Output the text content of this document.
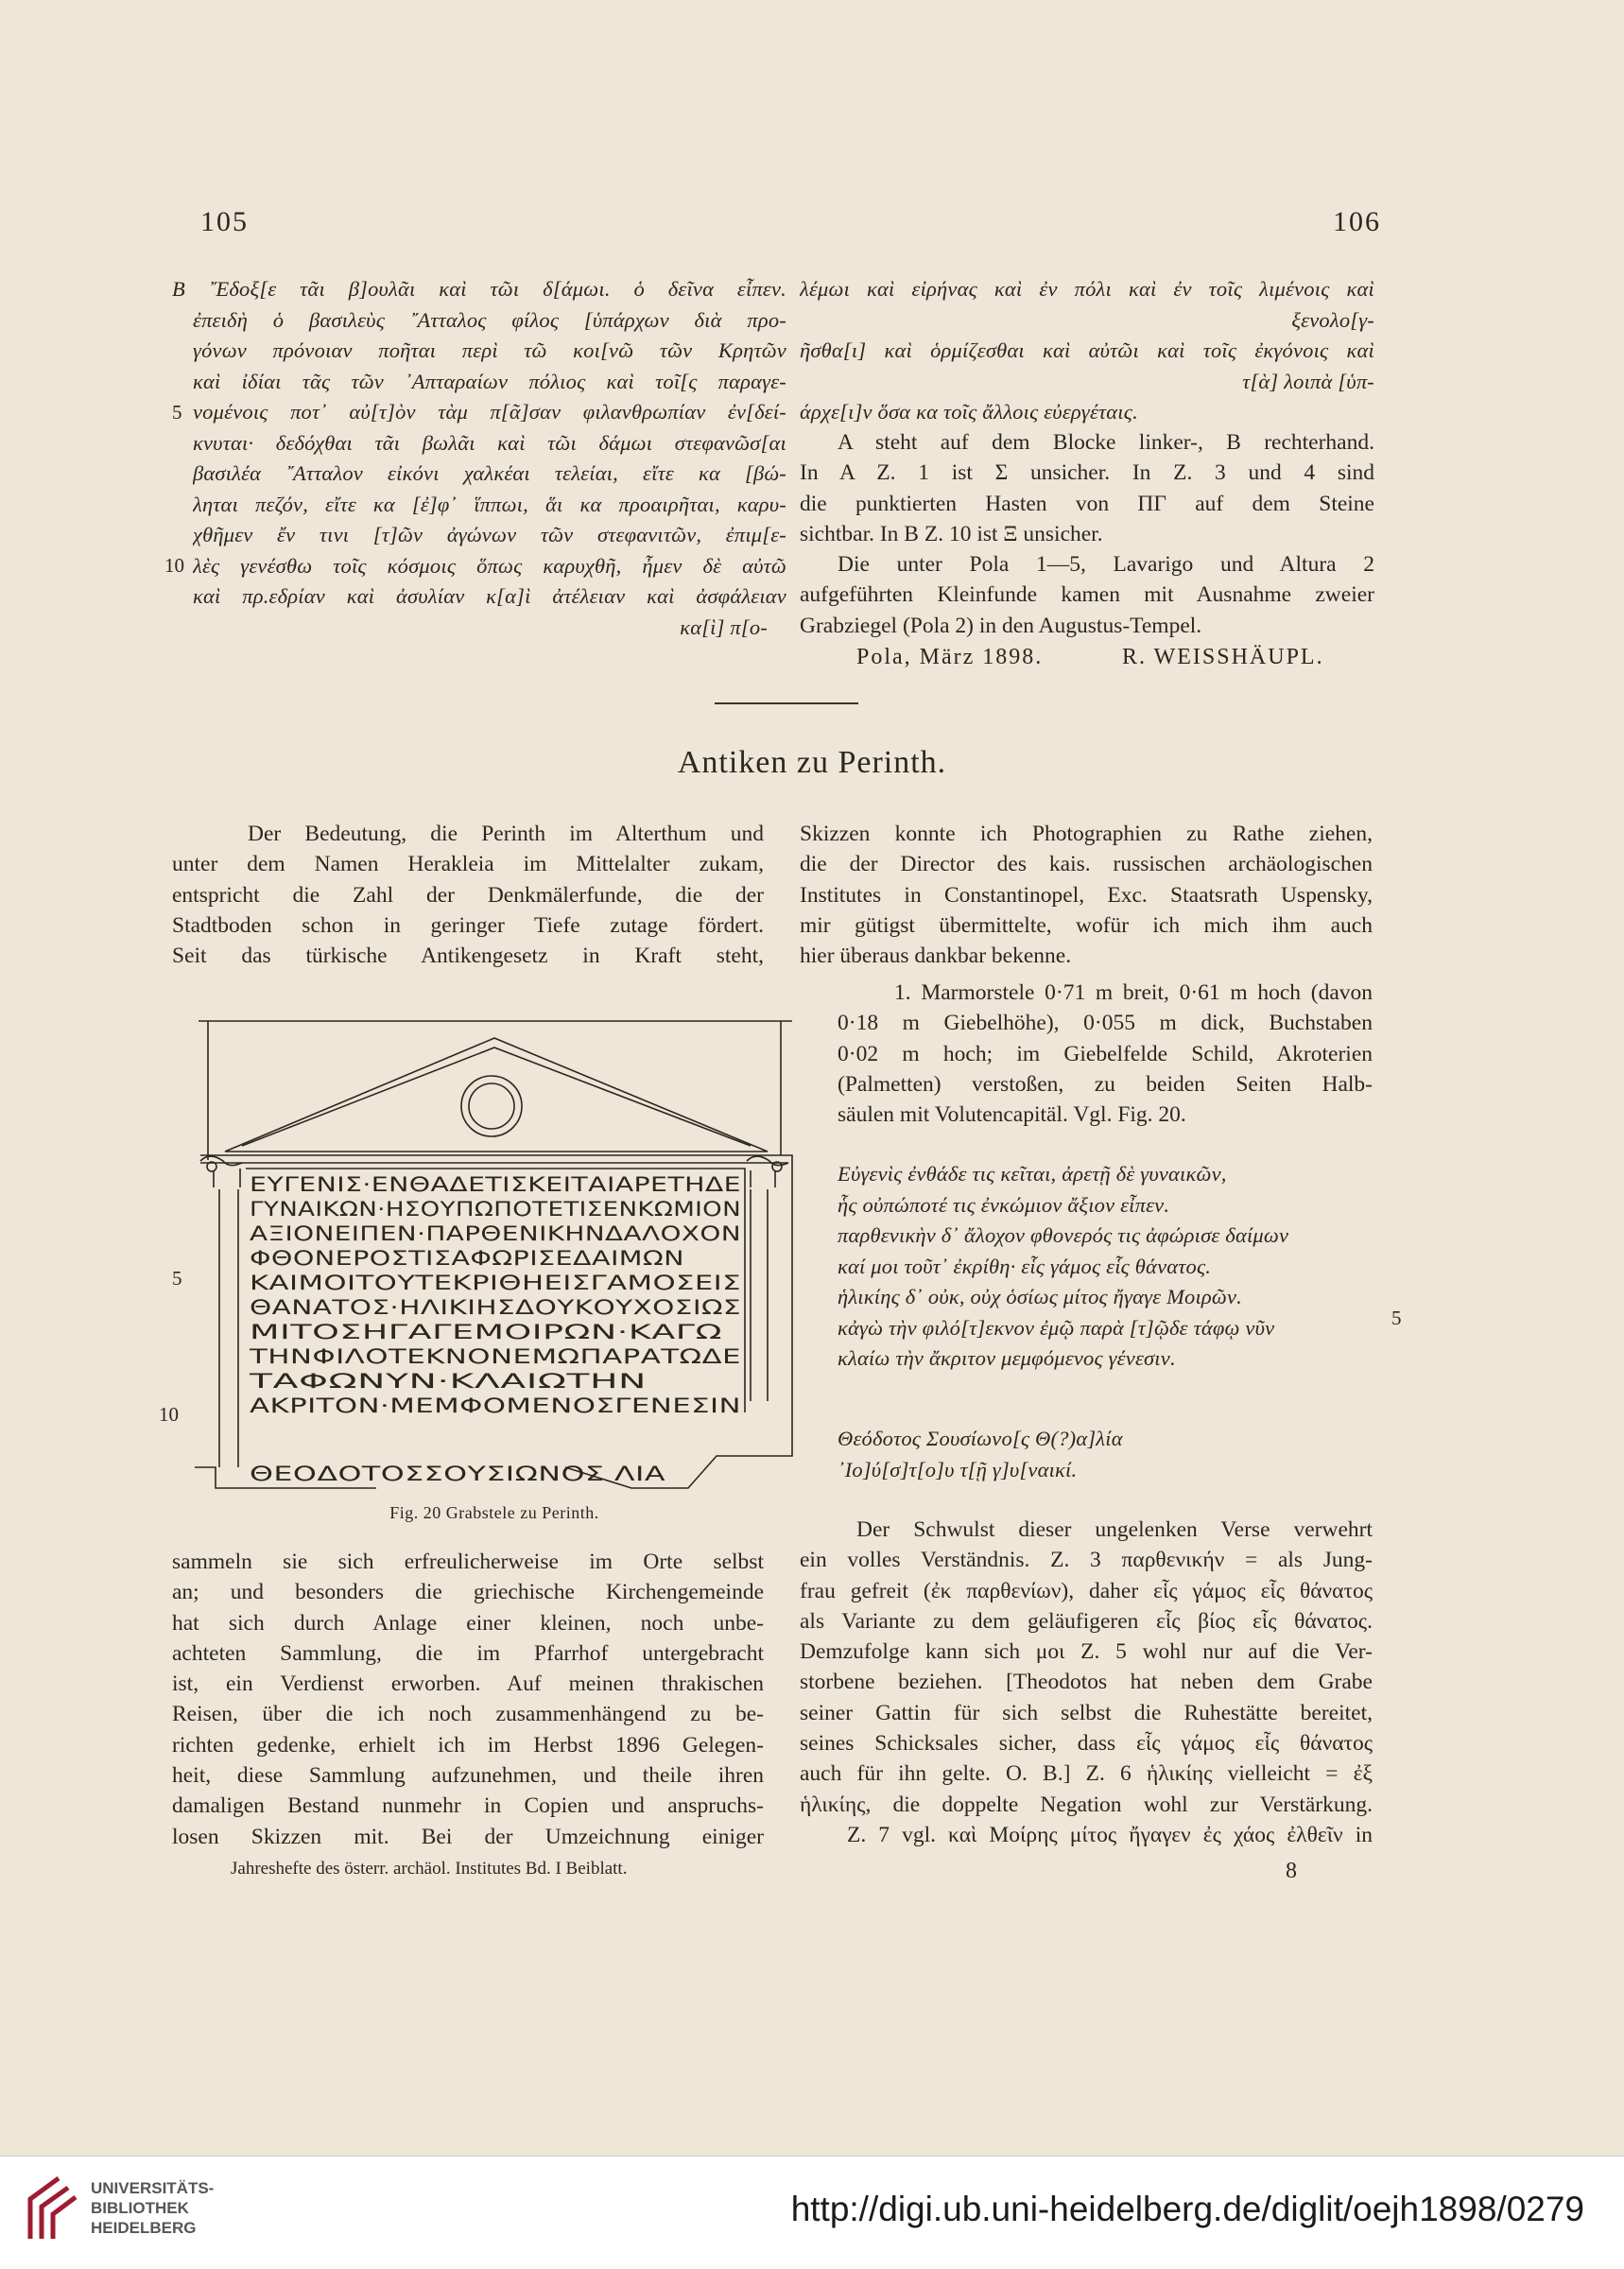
105	106
Β ῎Εδοξ[ε τᾶι β]ουλᾶι καὶ τῶι δ[άμωι. ὁ δεῖνα εἶπεν.
ἐπειδὴ ὁ βασιλεὺς ῎Ατταλος φίλος [ὑπάρχων διὰ προ-
γόνων πρόνοιαν ποῆται περὶ τῶ κοι[νῶ τῶν Κρητῶν
καὶ ἰδίαι τᾶς τῶν ᾿Απταραίων πόλιος καὶ τοῖ[ς παραγε-
νομένοις ποτ᾿ αὐ[τ]ὸν τὰμ π[ᾶ]σαν φιλανθρωπίαν ἐν[δεί-
κνυται· δεδόχθαι τᾶι βωλᾶι καὶ τῶι δάμωι στεφανῶσ[αι
βασιλέα ῎Ατταλον εἰκόνι χαλκέαι τελείαι, εἴτε κα [βώ-
ληται πεζόν, εἴτε κα [ἐ]φ᾿ ἵππωι, ἅι κα προαιρῆται, καρυ-
χθῆμεν ἔν τινι [τ]ῶν ἀγώνων τῶν στεφανιτῶν, ἐπιμ[ε-
λὲς γενέσθω τοῖς κόσμοις ὅπως καρυχθῆ, ἦμεν δὲ αὐτῶ
καὶ πρ.εδρίαν καὶ ἀσυλίαν κ[α]ὶ ἀτέλειαν καὶ ἀσφάλειαν
κα[ὶ] π[ο-
5
10
λέμωι καὶ εἰρήνας καὶ ἐν πόλι καὶ ἐν τοῖς λιμένοις καὶ
ξενολο[γ-
ῆσθα[ι] καὶ ὁρμίζεσθαι καὶ αὐτῶι καὶ τοῖς ἐκγόνοις καὶ
τ[ὰ] λοιπὰ [ὑπ-
άρχε[ι]ν ὅσα κα τοῖς ἄλλοις εὐεργέταις.
A steht auf dem Blocke linker-, B rechterhand.
In A Z. 1 ist Σ unsicher. In Z. 3 und 4 sind
die punktierten Hasten von ΠΓ auf dem Steine
sichtbar. In B Z. 10 ist Ξ unsicher.
Die unter Pola 1—5, Lavarigo und Altura 2
aufgeführten Kleinfunde kamen mit Ausnahme zweier
Grabziegel (Pola 2) in den Augustus-Tempel.
Pola, März 1898.	R. WEISSHÄUPL.
Antiken zu Perinth.
Der Bedeutung, die Perinth im Alterthum und
unter dem Namen Herakleia im Mittelalter zukam,
entspricht die Zahl der Denkmälerfunde, die der
Stadtboden schon in geringer Tiefe zutage fördert.
Seit das türkische Antikengesetz in Kraft steht,
ΕΥΓΕΝΙΣ·ΕΝΘΑΔΕΤΙΣΚΕΙΤΑΙΑΡΕΤΗΔΕ
ΓΥΝΑΙΚΩΝ·ΗΣΟΥΠΩΠΟΤΕΤΙΣΕΝΚΩΜΙΟΝ
ΑΞΙΟΝΕΙΠΕΝ·ΠΑΡΘΕΝΙΚΗΝΔΑΛΟΧΟΝ
ΦΘΟΝΕΡΟΣΤΙΣΑΦΩΡΙΣΕΔΑΙΜΩΝ
ΚΑΙΜΟΙΤΟΥΤΕΚΡΙΘΗΕΙΣΓΑΜΟΣΕΙΣ
ΘΑΝΑΤΟΣ·ΗΛΙΚΙΗΣΔΟΥΚΟΥΧΟΣΙΩΣ
ΜΙΤΟΣΗΓΑΓΕΜΟΙΡΩΝ·ΚΑΓΩ
ΤΗΝΦΙΛΟΤΕΚΝΟΝΕΜΩΠΑΡΑΤΩΔΕ
ΤΑΦΩΝΥΝ·ΚΛΑΙΩΤΗΝ
ΑΚΡΙΤΟΝ·ΜΕΜΦΟΜΕΝΟΣΓΕΝΕΣΙΝ
ΘΕΟΔΟΤΟΣΣΟΥΣΙΩΝΟΣ ΛΙΑ
5
10
Fig. 20 Grabstele zu Perinth.
sammeln sie sich erfreulicherweise im Orte selbst
an; und besonders die griechische Kirchengemeinde
hat sich durch Anlage einer kleinen, noch unbe-
achteten Sammlung, die im Pfarrhof untergebracht
ist, ein Verdienst erworben. Auf meinen thrakischen
Reisen, über die ich noch zusammenhängend zu be-
richten gedenke, erhielt ich im Herbst 1896 Gelegen-
heit, diese Sammlung aufzunehmen, und theile ihren
damaligen Bestand nunmehr in Copien und anspruchs-
losen Skizzen mit. Bei der Umzeichnung einiger
Jahreshefte des österr. archäol. Institutes Bd. I Beiblatt.
Skizzen konnte ich Photographien zu Rathe ziehen,
die der Director des kais. russischen archäologischen
Institutes in Constantinopel, Exc. Staatsrath Uspensky,
mir gütigst übermittelte, wofür ich mich ihm auch
hier überaus dankbar bekenne.
1. Marmorstele 0·71 m breit, 0·61 m hoch (davon
0·18 m Giebelhöhe), 0·055 m dick, Buchstaben
0·02 m hoch; im Giebelfelde Schild, Akroterien
(Palmetten) verstoßen, zu beiden Seiten Halb-
säulen mit Volutencapitäl. Vgl. Fig. 20.
Εὐγενὶς ἐνθάδε τις κεῖται, ἀρετῇ δὲ γυναικῶν,
ἧς οὐπώποτέ τις ἐνκώμιον ἄξιον εἶπεν.
παρθενικὴν δ᾿ ἄλοχον φθονερός τις ἀφώρισε δαίμων
καί μοι τοῦτ᾿ ἐκρίθη· εἷς γάμος εἷς θάνατος.
ἡλικίης δ᾿ οὐκ, οὐχ ὁσίως μίτος ἤγαγε Μοιρῶν.
κἀγὼ τὴν φιλό[τ]εκνον ἐμῷ παρὰ [τ]ῷδε τάφῳ νῦν
κλαίω τὴν ἄκριτον μεμφόμενος γένεσιν.
5
Θεόδοτος Σουσίωνο[ς Θ(?)α]λία
᾿Ιο]ύ[σ]τ[ο]υ τ[ῇ γ]υ[ναικί.
Der Schwulst dieser ungelenken Verse verwehrt
ein volles Verständnis. Z. 3 παρθενικήν = als Jung-
frau gefreit (ἐκ παρθενίων), daher εἷς γάμος εἷς θάνατος
als Variante zu dem geläufigeren εἷς βίος εἷς θάνατος.
Demzufolge kann sich μοι Z. 5 wohl nur auf die Ver-
storbene beziehen. [Theodotos hat neben dem Grabe
seiner Gattin für sich selbst die Ruhestätte bereitet,
seines Schicksales sicher, dass εἷς γάμος εἷς θάνατος
auch für ihn gelte. O. B.] Z. 6 ἡλικίης vielleicht = ἐξ
ἡλικίης, die doppelte Negation wohl zur Verstärkung.
Z. 7 vgl. καὶ Μοίρης μίτος ἤγαγεν ἐς χάος ἐλθεῖν in
8
UNIVERSITÄTS-
BIBLIOTHEK
HEIDELBERG	http://digi.ub.uni-heidelberg.de/diglit/oejh1898/0279
